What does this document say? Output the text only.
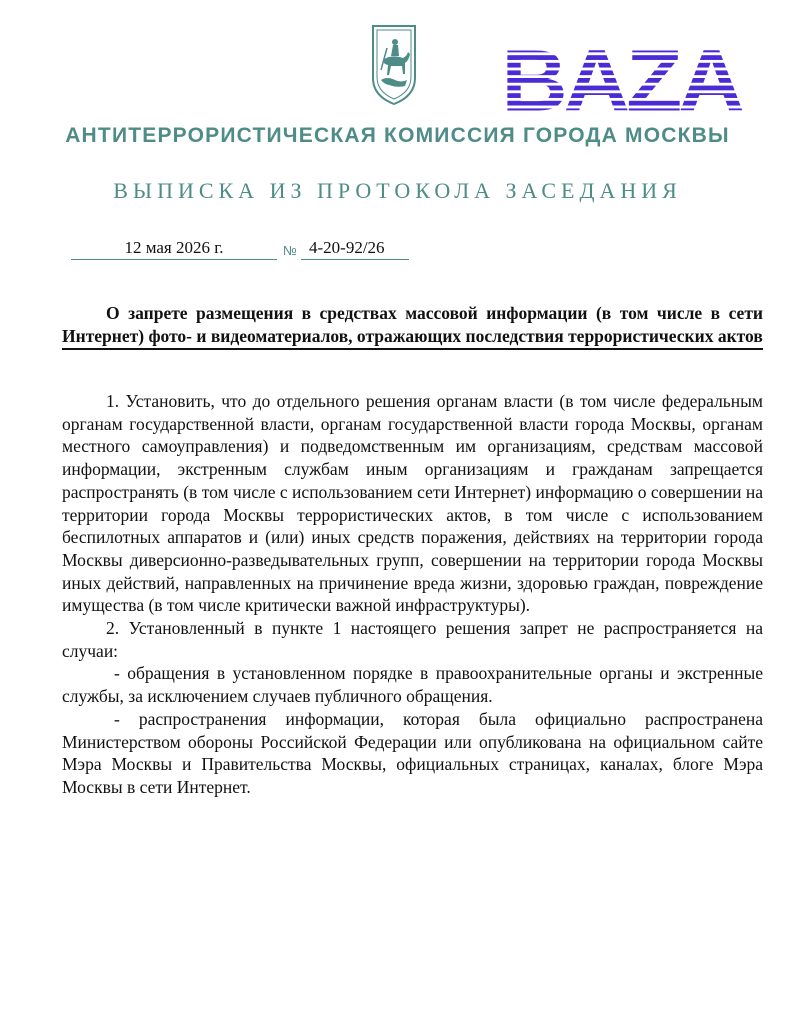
BAZA
АНТИТЕРРОРИСТИЧЕСКАЯ КОМИССИЯ ГОРОДА МОСКВЫ
ВЫПИСКА ИЗ ПРОТОКОЛА ЗАСЕДАНИЯ
12 мая 2026 г.	№ 4-20-92/26
О запрете размещения в средствах массовой информации (в том числе в сети Интернет) фото- и видеоматериалов, отражающих последствия террористических актов

1. Установить, что до отдельного решения органам власти (в том числе федеральным органам государственной власти, органам государственной власти города Москвы, органам местного самоуправления) и подведомственным им организациям, средствам массовой информации, экстренным службам иным организациям и гражданам запрещается распространять (в том числе с использованием сети Интернет) информацию о совершении на территории города Москвы террористических актов, в том числе с использованием беспилотных аппаратов и (или) иных средств поражения, действиях на территории города Москвы диверсионно-разведывательных групп, совершении на территории города Москвы иных действий, направленных на причинение вреда жизни, здоровью граждан, повреждение имущества (в том числе критически важной инфраструктуры).

2. Установленный в пункте 1 настоящего решения запрет не распространяется на случаи:

- обращения в установленном порядке в правоохранительные органы и экстренные службы, за исключением случаев публичного обращения.

- распространения информации, которая была официально распространена Министерством обороны Российской Федерации или опубликована на официальном сайте Мэра Москвы и Правительства Москвы, официальных страницах, каналах, блоге Мэра Москвы в сети Интернет.
